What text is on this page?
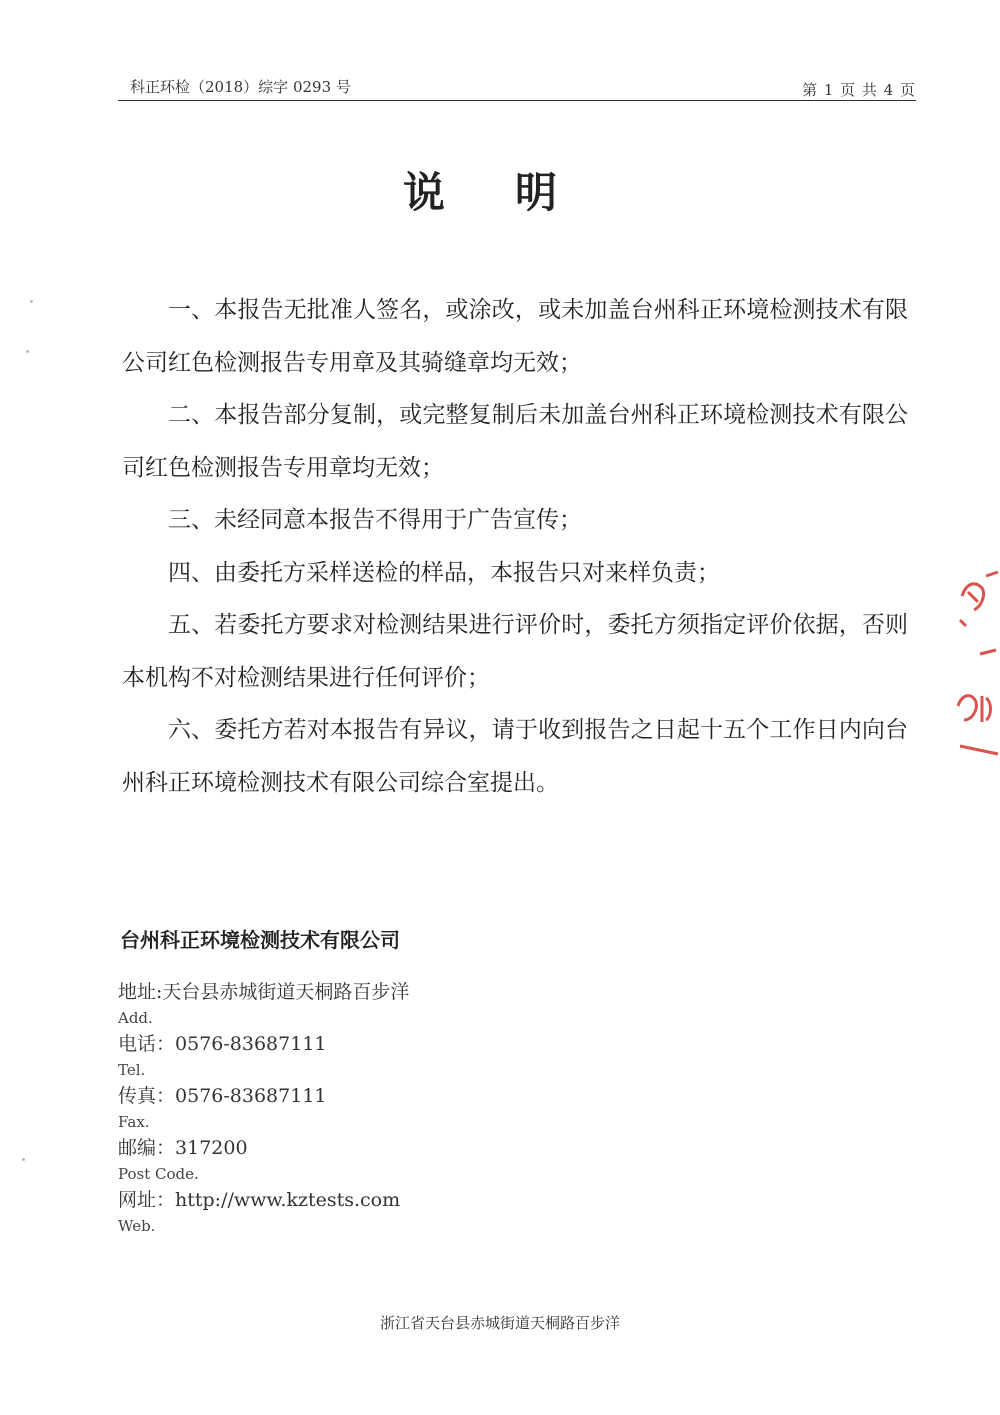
科正环检（2018）综字 0293 号	第 1 页 共 4 页
说明

一、本报告无批准人签名，或涂改，或未加盖台州科正环境检测技术有限公司红色检测报告专用章及其骑缝章均无效；

二、本报告部分复制，或完整复制后未加盖台州科正环境检测技术有限公司红色检测报告专用章均无效；

三、未经同意本报告不得用于广告宣传；

四、由委托方采样送检的样品，本报告只对来样负责；

五、若委托方要求对检测结果进行评价时，委托方须指定评价依据，否则本机构不对检测结果进行任何评价；

六、委托方若对本报告有异议，请于收到报告之日起十五个工作日内向台州科正环境检测技术有限公司综合室提出。

台州科正环境检测技术有限公司
地址:天台县赤城街道天桐路百步洋
Add.
电话：0576-83687111
Tel.
传真：0576-83687111
Fax.
邮编：317200
Post Code.
网址：http://www.kztests.com
Web.
浙江省天台县赤城街道天桐路百步洋
